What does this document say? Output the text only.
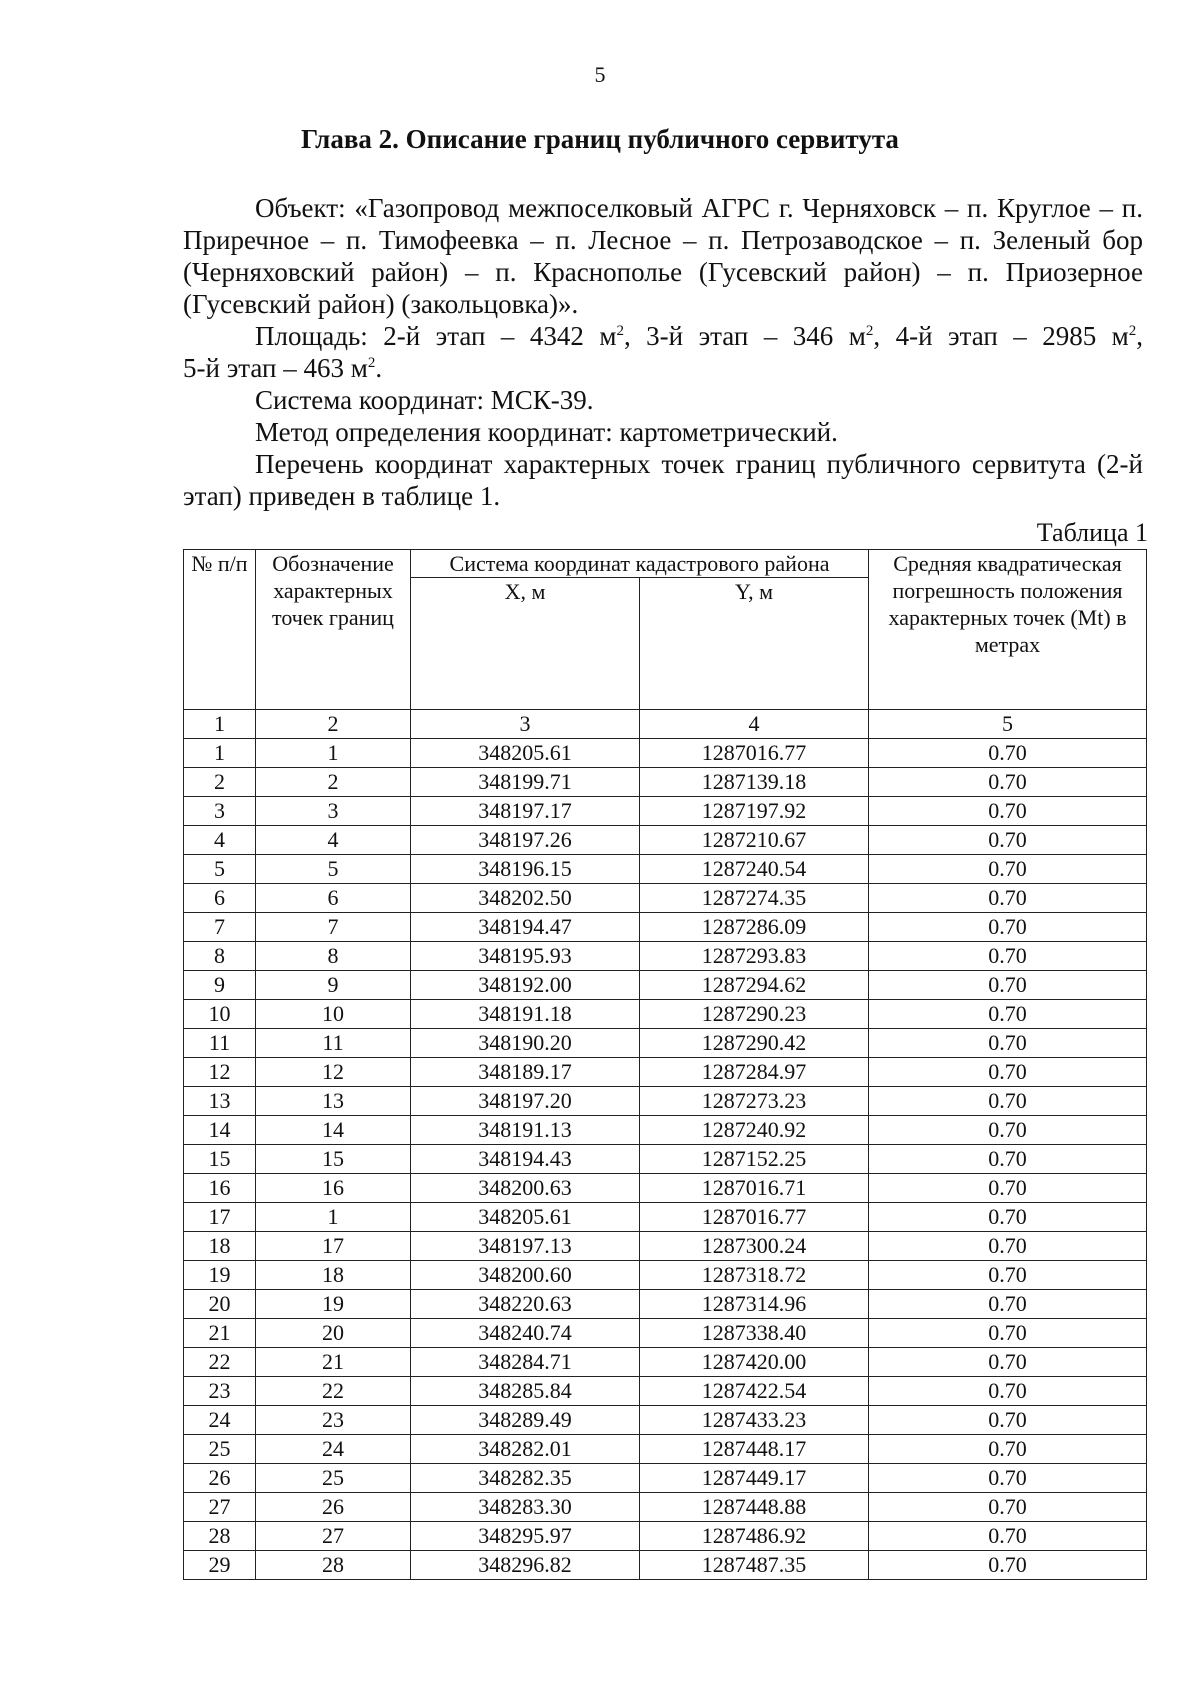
5
Глава 2. Описание границ публичного сервитута

Объект: «Газопровод межпоселковый АГРС г. Черняховск – п. Круглое – п. Приречное – п. Тимофеевка – п. Лесное – п. Петрозаводское – п. Зеленый бор (Черняховский район) – п. Краснополье (Гусевский район) – п. Приозерное (Гусевский район) (закольцовка)».

Площадь: 2-й этап – 4342 $м^2$, 3-й этап – 346 $м^2$, 4-й этап – 2985 $м^2$,

5-й этап – 463 $м^2$.

Система координат: МСК-39.

Метод определения координат: картометрический.

Перечень координат характерных точек границ публичного сервитута (2-й этап) приведен в таблице 1.

Таблица 1
№ п/п	Обозначение характерных точек границ	Система координат кадастрового района		Средняя квадратическая погрешность положения характерных точек (Mt) в метрах
		X, м	Y, м	
1	2	3	4	5
1	1	348205.61	1287016.77	0.70
2	2	348199.71	1287139.18	0.70
3	3	348197.17	1287197.92	0.70
4	4	348197.26	1287210.67	0.70
5	5	348196.15	1287240.54	0.70
6	6	348202.50	1287274.35	0.70
7	7	348194.47	1287286.09	0.70
8	8	348195.93	1287293.83	0.70
9	9	348192.00	1287294.62	0.70
10	10	348191.18	1287290.23	0.70
11	11	348190.20	1287290.42	0.70
12	12	348189.17	1287284.97	0.70
13	13	348197.20	1287273.23	0.70
14	14	348191.13	1287240.92	0.70
15	15	348194.43	1287152.25	0.70
16	16	348200.63	1287016.71	0.70
17	1	348205.61	1287016.77	0.70
18	17	348197.13	1287300.24	0.70
19	18	348200.60	1287318.72	0.70
20	19	348220.63	1287314.96	0.70
21	20	348240.74	1287338.40	0.70
22	21	348284.71	1287420.00	0.70
23	22	348285.84	1287422.54	0.70
24	23	348289.49	1287433.23	0.70
25	24	348282.01	1287448.17	0.70
26	25	348282.35	1287449.17	0.70
27	26	348283.30	1287448.88	0.70
28	27	348295.97	1287486.92	0.70
29	28	348296.82	1287487.35	0.70
